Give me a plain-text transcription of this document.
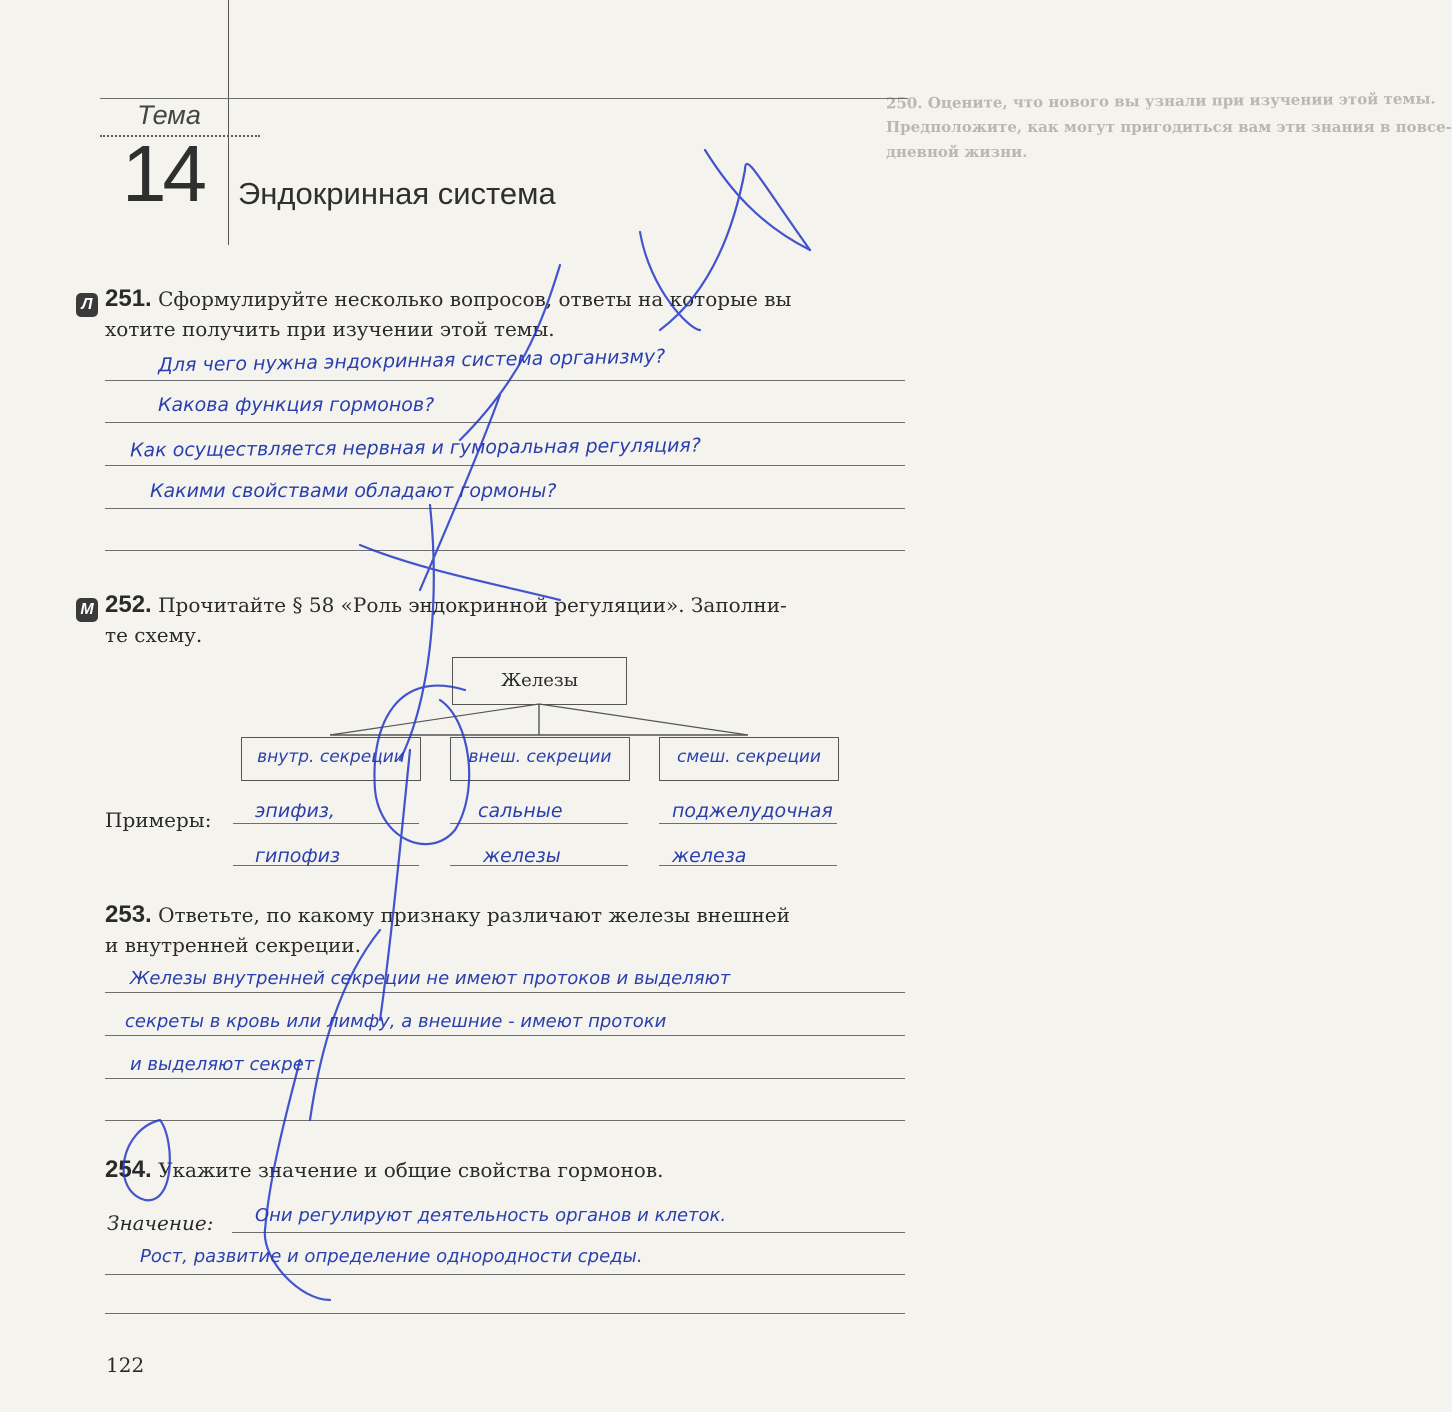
250. Оцените, что нового вы узнали при изучении этой темы.
Предположите, как могут пригодиться вам эти знания в повсе-
дневной жизни.
Тема
14 Эндокринная система
Л 251. Сформулируйте несколько вопросов, ответы на которые вы
хотите получить при изучении этой темы.
Для чего нужна эндокринная система организму?
Какова функция гормонов?
Как осуществляется нервная и гуморальная регуляция?
Какими свойствами обладают гормоны?
М 252. Прочитайте § 58 «Роль эндокринной регуляции». Заполни-
те схему.
Железы
внутр. секреции	внеш. секреции	смеш. секреции
Примеры: эпифиз,
гипофиз
сальные
железы
поджелудочная
железа
253. Ответьте, по какому признаку различают железы внешней
и внутренней секреции.
Железы внутренней секреции не имеют протоков и выделяют
секреты в кровь или лимфу, а внешние - имеют протоки
и выделяют секрет
254. Укажите значение и общие свойства гормонов.
Значение: Они регулируют деятельность органов и клеток.
Рост, развитие и определение однородности среды.
122
